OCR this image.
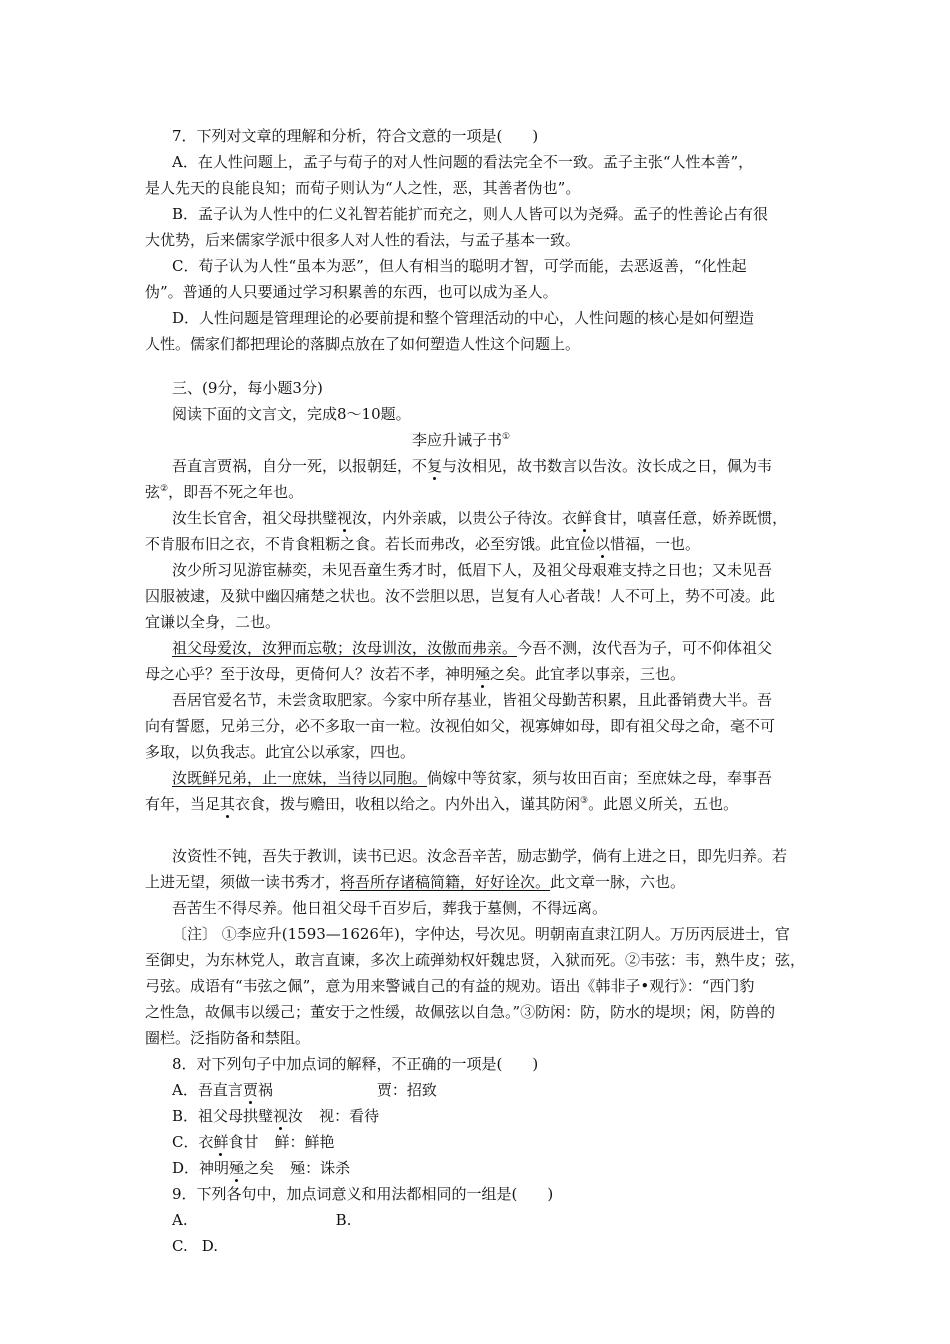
7．下列对文章的理解和分析，符合文意的一项是(　　)
A．在人性问题上，孟子与荀子的对人性问题的看法完全不一致。孟子主张“人性本善”，
是人先天的良能良知；而荀子则认为“人之性，恶，其善者伪也”。
B．孟子认为人性中的仁义礼智若能扩而充之，则人人皆可以为尧舜。孟子的性善论占有很
大优势，后来儒家学派中很多人对人性的看法，与孟子基本一致。
C．荀子认为人性“虽本为恶”，但人有相当的聪明才智，可学而能，去恶返善，“化性起
伪”。普通的人只要通过学习积累善的东西，也可以成为圣人。
D．人性问题是管理理论的必要前提和整个管理活动的中心，人性问题的核心是如何塑造
人性。儒家们都把理论的落脚点放在了如何塑造人性这个问题上。
三、(9分，每小题3分)
阅读下面的文言文，完成8～10题。
李应升诫子书①
吾直言贾祸，自分一死，以报朝廷，不复与汝相见，故书数言以告汝。汝长成之日，佩为韦
弦②，即吾不死之年也。
汝生长官舍，祖父母拱璧视汝，内外亲戚，以贵公子待汝。衣鲜食甘，嗔喜任意，娇养既惯，
不肯服布旧之衣，不肯食粗粝之食。若长而弗改，必至穷饿。此宜俭以惜福，一也。
汝少所习见游宦赫奕，未见吾童生秀才时，低眉下人，及祖父母艰难支持之日也；又未见吾
囚服被逮，及狱中幽囚痛楚之状也。汝不尝胆以思，岂复有人心者哉！人不可上，势不可凌。此
宜谦以全身，二也。
祖父母爱汝，汝狎而忘敬；汝母训汝，汝傲而弗亲。今吾不测，汝代吾为子，可不仰体祖父
母之心乎？至于汝母，更倚何人？汝若不孝，神明殛之矣。此宜孝以事亲，三也。
吾居官爱名节，未尝贪取肥家。今家中所存基业，皆祖父母勤苦积累，且此番销费大半。吾
向有誓愿，兄弟三分，必不多取一亩一粒。汝视伯如父，视寡婶如母，即有祖父母之命，毫不可
多取，以负我志。此宜公以承家，四也。
汝既鲜兄弟，止一庶妹，当待以同胞。倘嫁中等贫家，须与妆田百亩；至庶妹之母，奉事吾
有年，当足其衣食，拨与赡田，收租以给之。内外出入，谨其防闲③。此恩义所关，五也。
汝资性不钝，吾失于教训，读书已迟。汝念吾辛苦，励志勤学，倘有上进之日，即先归养。若
上进无望，须做一读书秀才，将吾所存诸稿简籍，好好诠次。此文章一脉，六也。
吾苦生不得尽养。他日祖父母千百岁后，葬我于墓侧，不得远离。
〔注〕 ①李应升(1593—1626年)，字仲达，号次见。明朝南直隶江阴人。万历丙辰进士，官
至御史，为东林党人，敢言直谏，多次上疏弹劾权奸魏忠贤，入狱而死。②韦弦：韦，熟牛皮；弦，
弓弦。成语有“韦弦之佩”，意为用来警诫自己的有益的规劝。语出《韩非子•观行》：“西门豹
之性急，故佩韦以缓己；董安于之性缓，故佩弦以自急。”③防闲：防，防水的堤坝；闲，防兽的
圈栏。泛指防备和禁阻。
8．对下列句子中加点词的解释，不正确的一项是(　　)
A．吾直言贾祸	贾：招致
B．祖父母拱璧视汝 视：看待
C．衣鲜食甘 鲜：鲜艳
D．神明殛之矣 殛：诛杀
9．下列各句中，加点词意义和用法都相同的一组是(　　)
A.	B.
C. D.
